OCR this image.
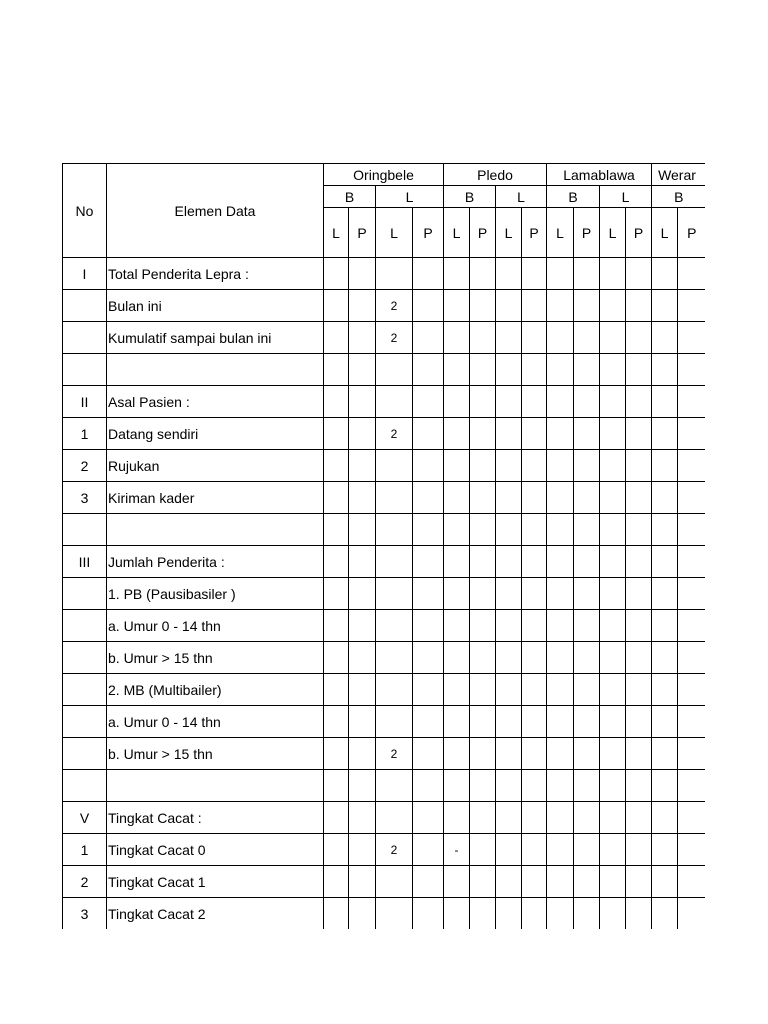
No	Elemen Data	Oringbele				Pledo				Lamablawa				Werar	
		B		L		B		L		B		L		B	
		L	P	L	P	L	P	L	P	L	P	L	P	L	P
I	Total Penderita Lepra :														
	Bulan ini			2											
	Kumulatif sampai bulan ini			2											

II	Asal Pasien :														
1	Datang sendiri			2											
2	Rujukan														
3	Kiriman kader														

III	Jumlah Penderita :														
	1. PB (Pausibasiler )														
	a. Umur 0 - 14 thn														
	b. Umur > 15 thn														
	2. MB (Multibailer)														
	a. Umur 0 - 14 thn														
	b. Umur > 15 thn			2											

V	Tingkat Cacat :														
1	Tingkat Cacat 0			2		-									
2	Tingkat Cacat 1														
3	Tingkat Cacat 2														
